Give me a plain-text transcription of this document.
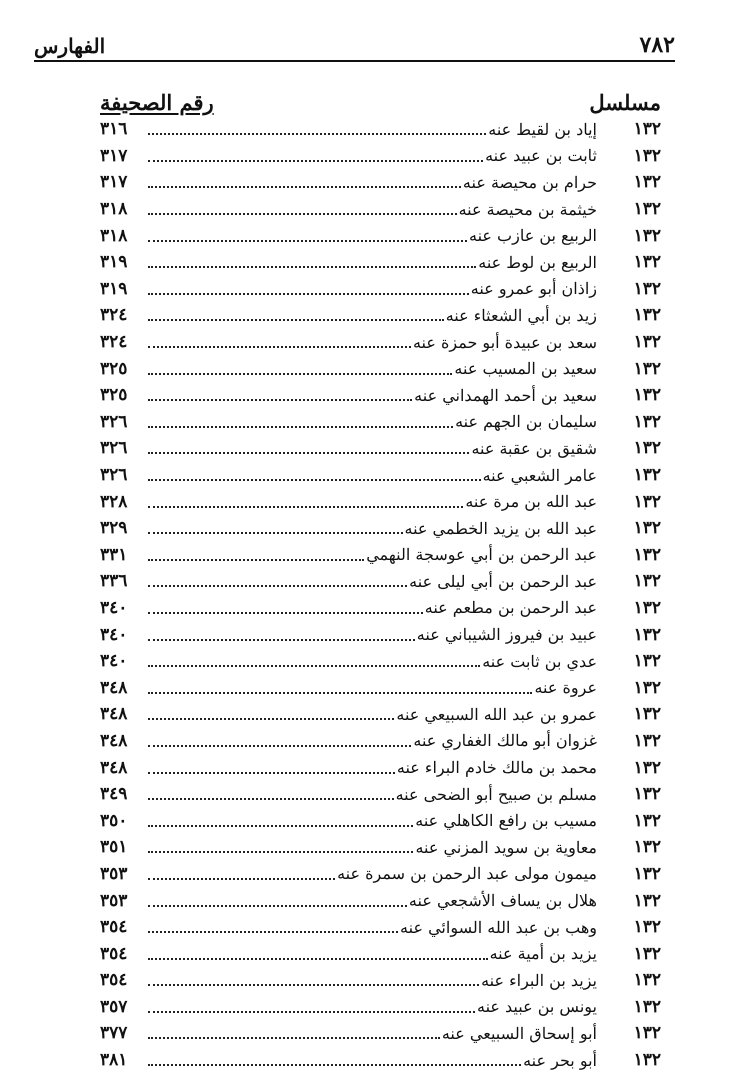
٧٨٢
الفهارس
مسلسل
رقم الصحيفة
١٣٢
إياد بن لقيط عنه
٣١٦
١٣٢
ثابت بن عبيد عنه
٣١٧
١٣٢
حرام بن محيصة عنه
٣١٧
١٣٢
خيثمة بن محيصة عنه
٣١٨
١٣٢
الربيع بن عازب عنه
٣١٨
١٣٢
الربيع بن لوط عنه
٣١٩
١٣٢
زاذان أبو عمرو عنه
٣١٩
١٣٢
زيد بن أبي الشعثاء عنه
٣٢٤
١٣٢
سعد بن عبيدة أبو حمزة عنه
٣٢٤
١٣٢
سعيد بن المسيب عنه
٣٢٥
١٣٢
سعيد بن أحمد الهمداني عنه
٣٢٥
١٣٢
سليمان بن الجهم عنه
٣٢٦
١٣٢
شقيق بن عقبة عنه
٣٢٦
١٣٢
عامر الشعبي عنه
٣٢٦
١٣٢
عبد الله بن مرة عنه
٣٢٨
١٣٢
عبد الله بن يزيد الخطمي عنه
٣٢٩
١٣٢
عبد الرحمن بن أبي عوسجة النهمي
٣٣١
١٣٢
عبد الرحمن بن أبي ليلى عنه
٣٣٦
١٣٢
عبد الرحمن بن مطعم عنه
٣٤٠
١٣٢
عبيد بن فيروز الشيباني عنه
٣٤٠
١٣٢
عدي بن ثابت عنه
٣٤٠
١٣٢
عروة عنه
٣٤٨
١٣٢
عمرو بن عبد الله السبيعي عنه
٣٤٨
١٣٢
غزوان أبو مالك الغفاري عنه
٣٤٨
١٣٢
محمد بن مالك خادم البراء عنه
٣٤٨
١٣٢
مسلم بن صبيح أبو الضحى عنه
٣٤٩
١٣٢
مسيب بن رافع الكاهلي عنه
٣٥٠
١٣٢
معاوية بن سويد المزني عنه
٣٥١
١٣٢
ميمون مولى عبد الرحمن بن سمرة عنه
٣٥٣
١٣٢
هلال بن يساف الأشجعي عنه
٣٥٣
١٣٢
وهب بن عبد الله السوائي عنه
٣٥٤
١٣٢
يزيد بن أمية عنه
٣٥٤
١٣٢
يزيد بن البراء عنه
٣٥٤
١٣٢
يونس بن عبيد عنه
٣٥٧
١٣٢
أبو إسحاق السبيعي عنه
٣٧٧
١٣٢
أبو بحر عنه
٣٨١
